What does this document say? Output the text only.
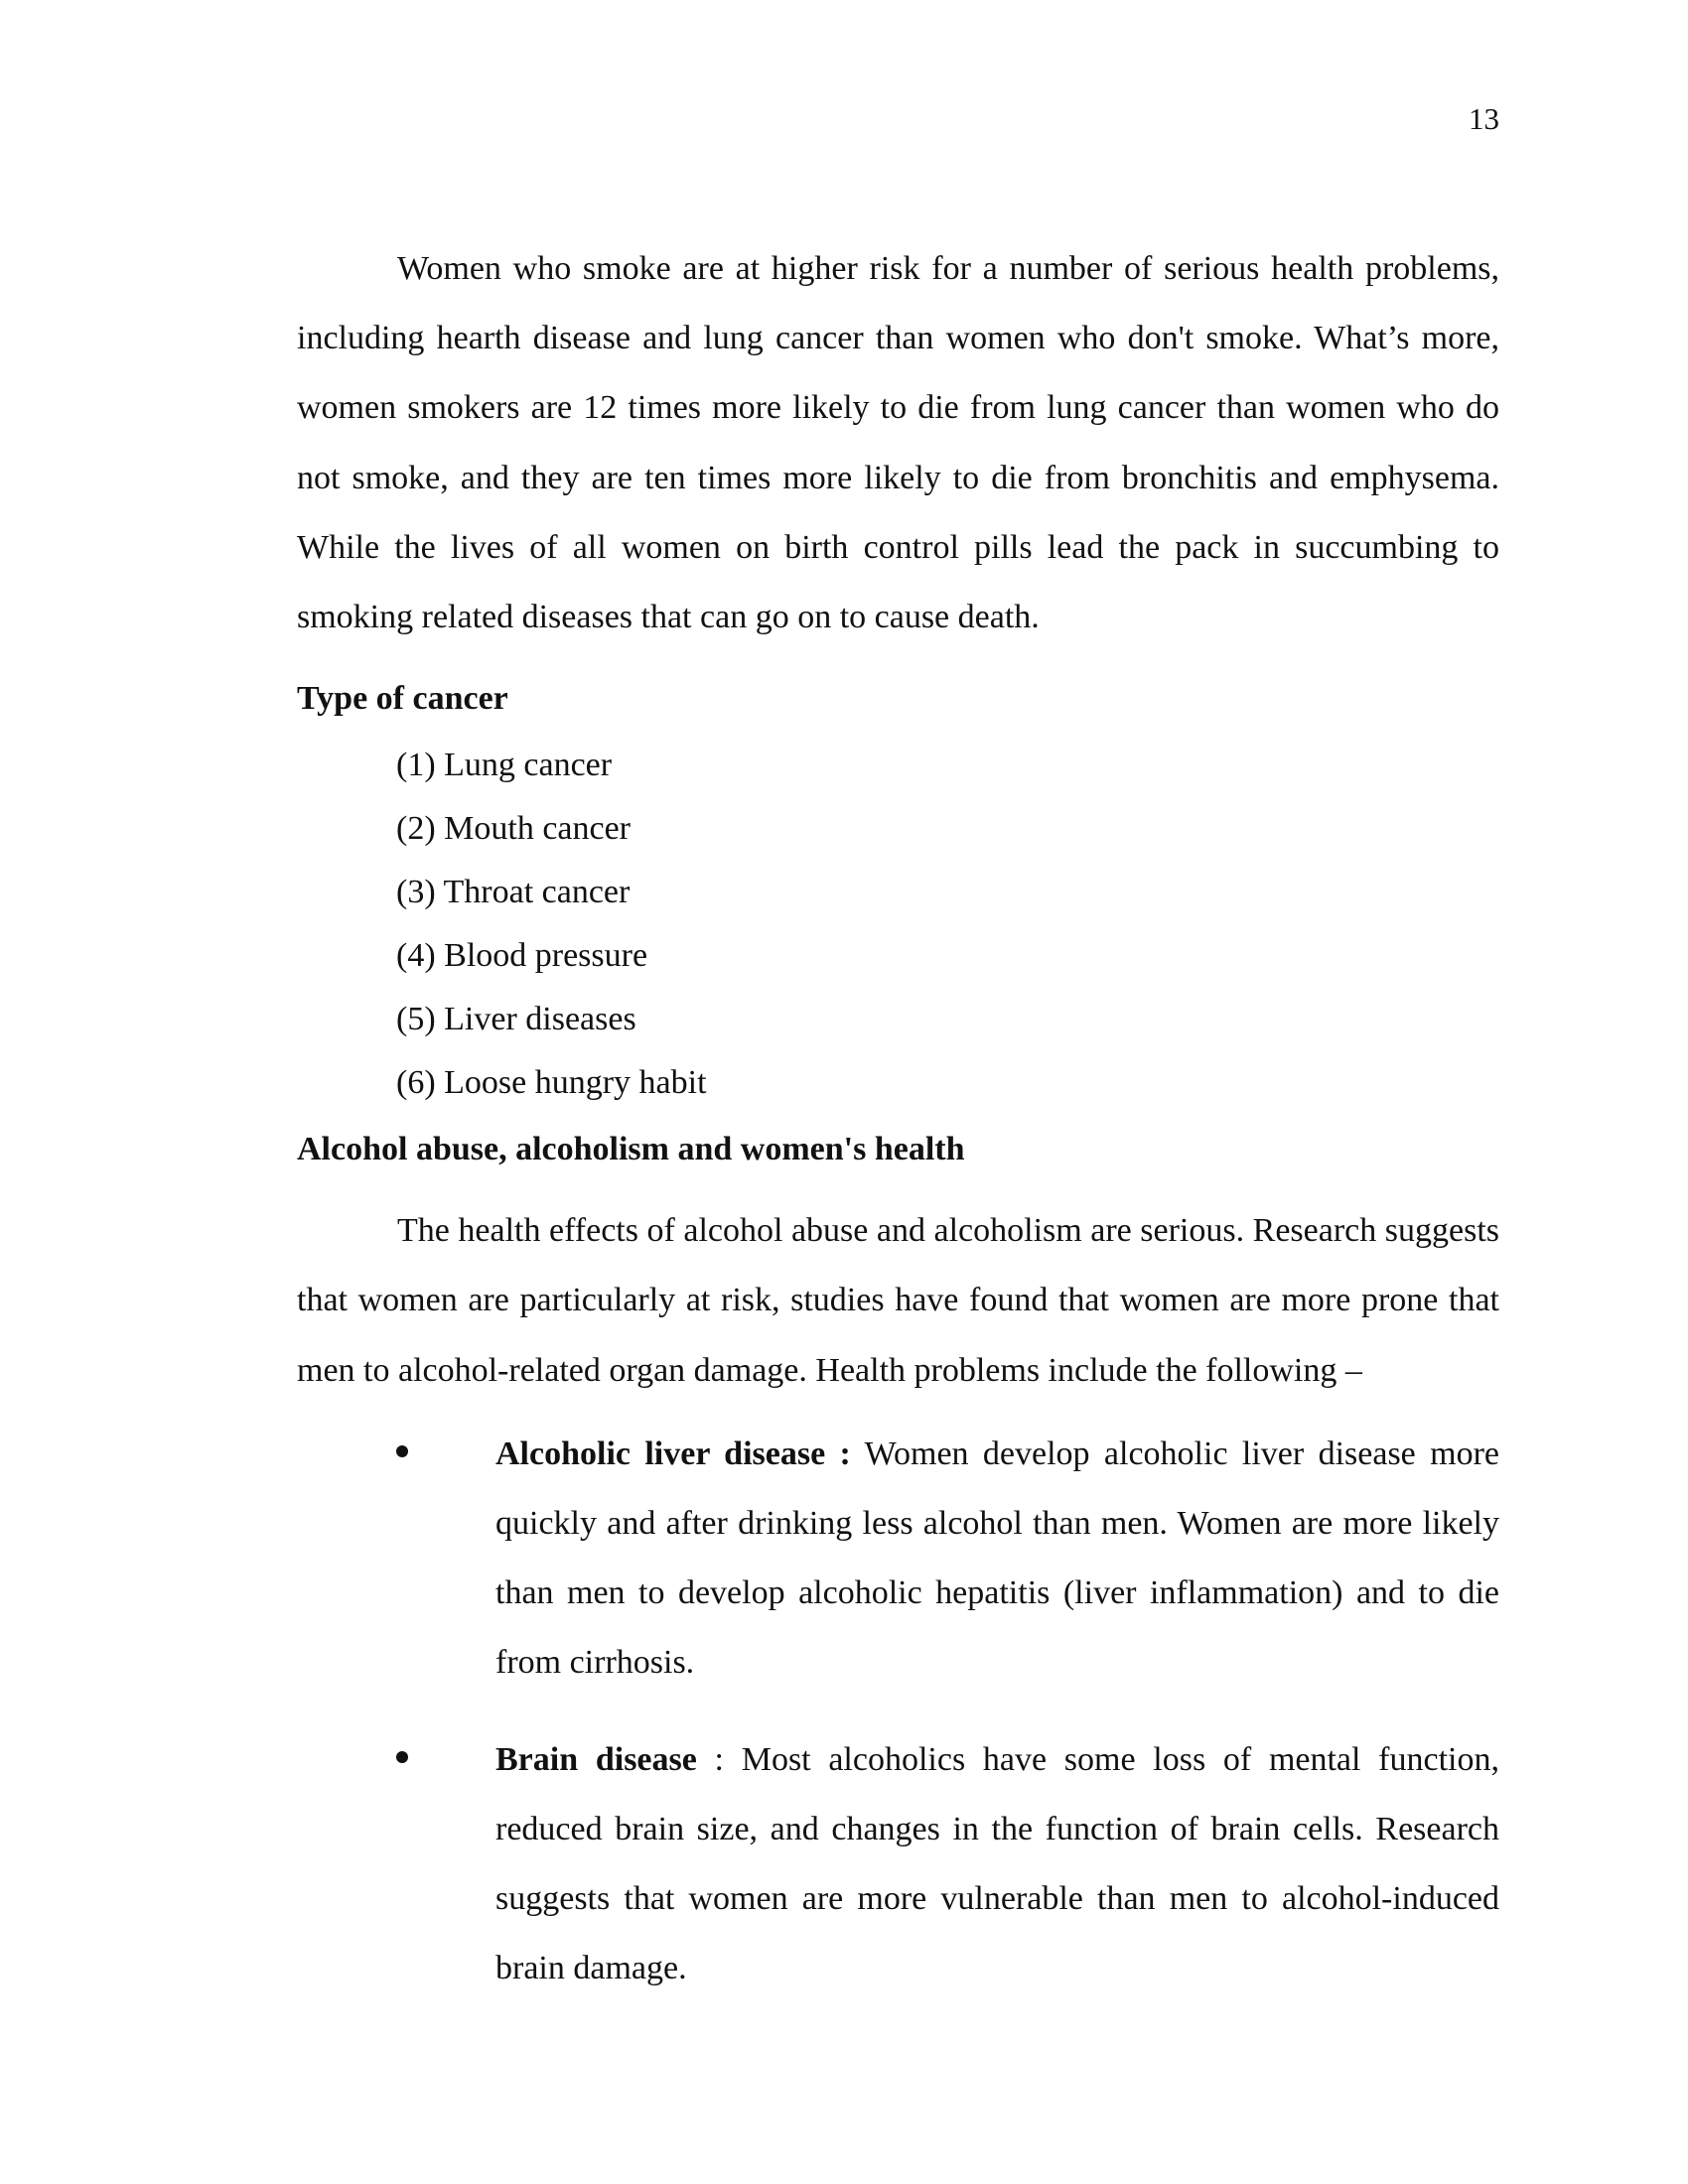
13

Women who smoke are at higher risk for a number of serious health problems, including hearth disease and lung cancer than women who don't smoke. What’s more, women smokers are 12 times more likely to die from lung cancer than women who do not smoke, and they are ten times more likely to die from bronchitis and emphysema. While the lives of all women on birth control pills lead the pack in succumbing to smoking related diseases that can go on to cause death.

Type of cancer
(1) Lung cancer
(2) Mouth cancer
(3) Throat cancer
(4) Blood pressure
(5) Liver diseases
(6) Loose hungry habit
Alcohol abuse, alcoholism and women's health

The health effects of alcohol abuse and alcoholism are serious. Research suggests that women are particularly at risk, studies have found that women are more prone that men to alcohol-related organ damage. Health problems include the following –

Alcoholic liver disease : Women develop alcoholic liver disease more quickly and after drinking less alcohol than men. Women are more likely than men to develop alcoholic hepatitis (liver inflammation) and to die from cirrhosis.

Brain disease : Most alcoholics have some loss of mental function, reduced brain size, and changes in the function of brain cells. Research suggests that women are more vulnerable than men to alcohol-induced brain damage.
